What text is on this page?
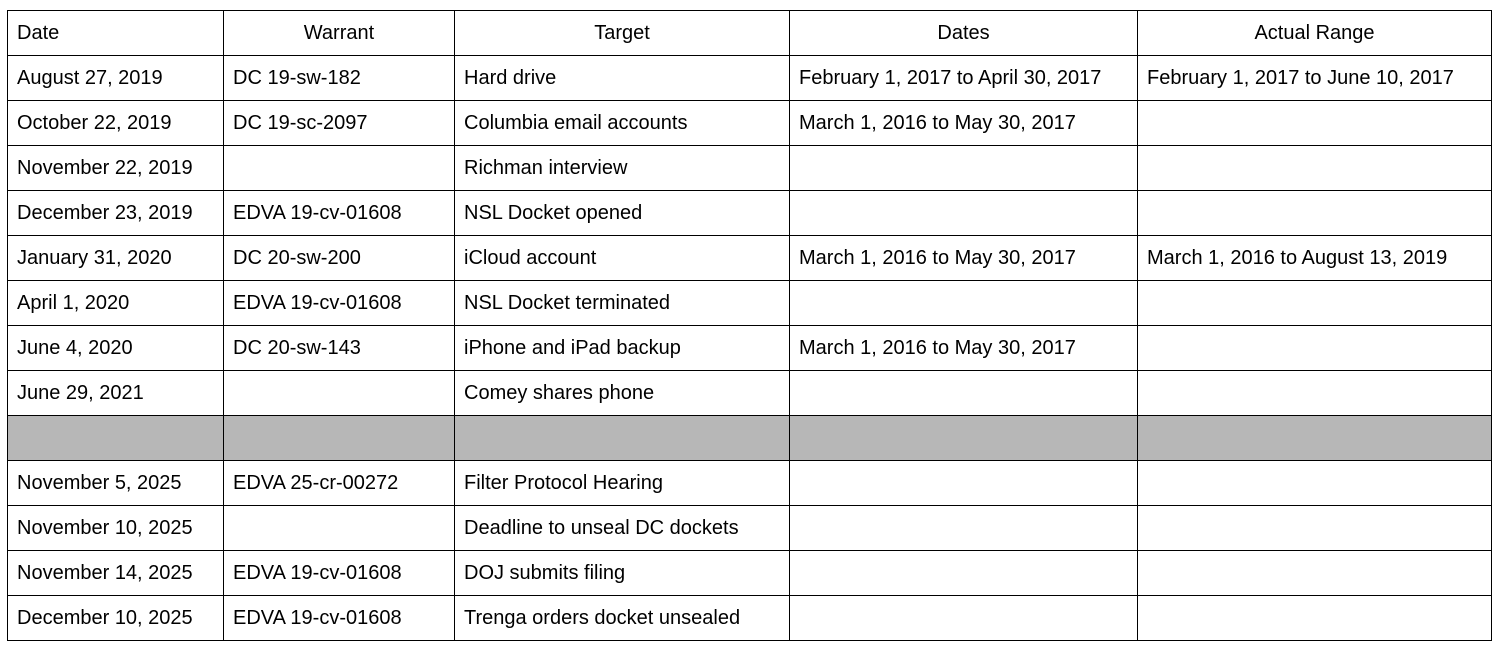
Date	Warrant	Target	Dates	Actual Range
August 27, 2019	DC 19-sw-182	Hard drive	February 1, 2017 to April 30, 2017	February 1, 2017 to June 10, 2017
October 22, 2019	DC 19-sc-2097	Columbia email accounts	March 1, 2016 to May 30, 2017	
November 22, 2019		Richman interview		
December 23, 2019	EDVA 19-cv-01608	NSL Docket opened		
January 31, 2020	DC 20-sw-200	iCloud account	March 1, 2016 to May 30, 2017	March 1, 2016 to August 13, 2019
April 1, 2020	EDVA 19-cv-01608	NSL Docket terminated		
June 4, 2020	DC 20-sw-143	iPhone and iPad backup	March 1, 2016 to May 30, 2017	
June 29, 2021		Comey shares phone		

November 5, 2025	EDVA 25-cr-00272	Filter Protocol Hearing		
November 10, 2025		Deadline to unseal DC dockets		
November 14, 2025	EDVA 19-cv-01608	DOJ submits filing		
December 10, 2025	EDVA 19-cv-01608	Trenga orders docket unsealed		
